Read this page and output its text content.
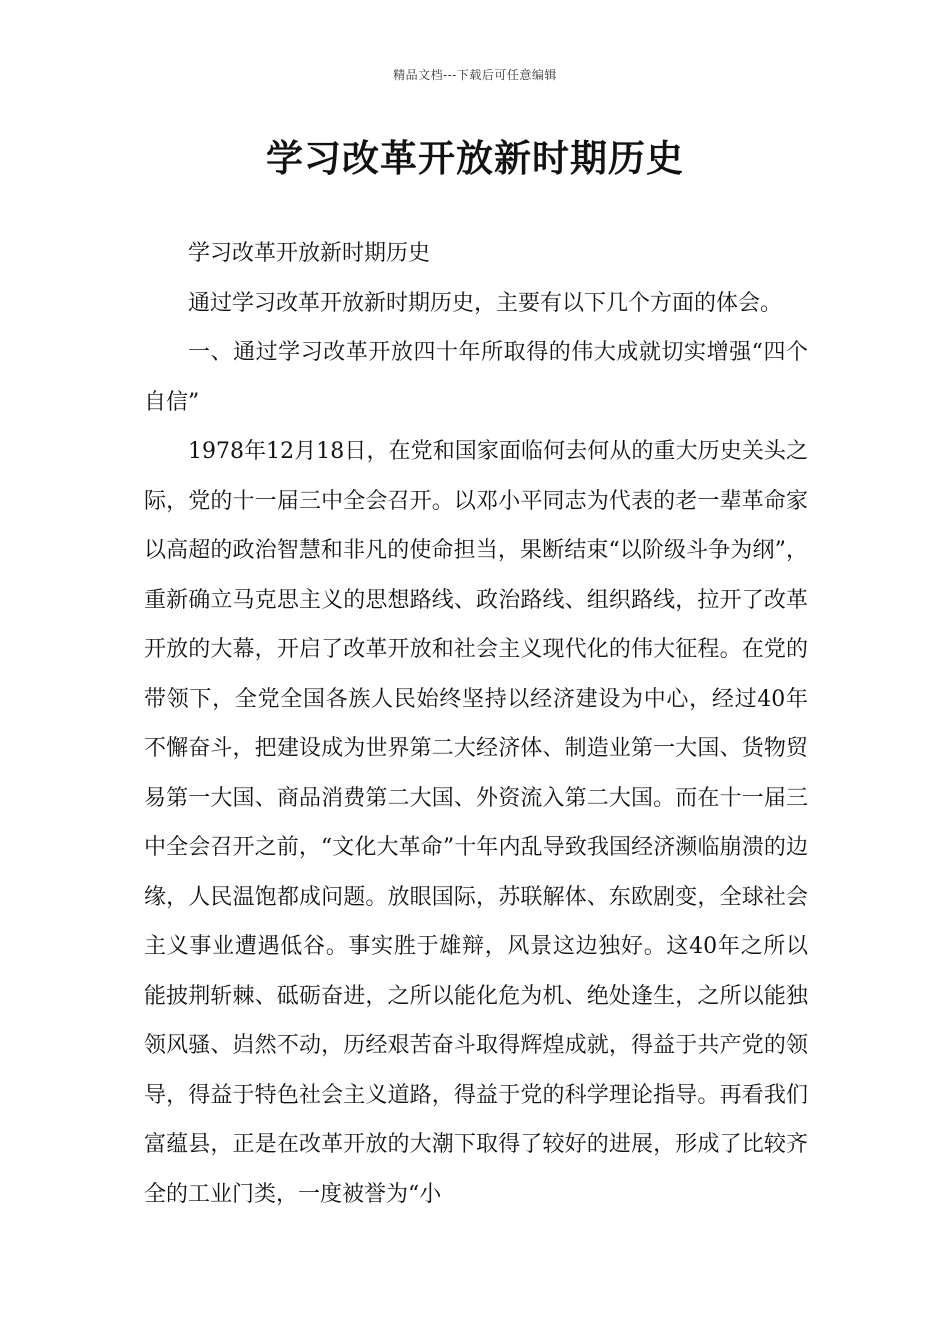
精品文档---下载后可任意编辑
学习改革开放新时期历史

学习改革开放新时期历史

通过学习改革开放新时期历史，主要有以下几个方面的体会。

一、通过学习改革开放四十年所取得的伟大成就切实增强“四个自信”

1978年12月18日，在党和国家面临何去何从的重大历史关头之际，党的十一届三中全会召开。以邓小平同志为代表的老一辈革命家以高超的政治智慧和非凡的使命担当，果断结束“以阶级斗争为纲”，重新确立马克思主义的思想路线、政治路线、组织路线，拉开了改革开放的大幕，开启了改革开放和社会主义现代化的伟大征程。在党的带领下，全党全国各族人民始终坚持以经济建设为中心，经过40年不懈奋斗，把建设成为世界第二大经济体、制造业第一大国、货物贸易第一大国、商品消费第二大国、外资流入第二大国。而在十一届三中全会召开之前，“文化大革命”十年内乱导致我国经济濒临崩溃的边缘，人民温饱都成问题。放眼国际，苏联解体、东欧剧变，全球社会主义事业遭遇低谷。事实胜于雄辩，风景这边独好。这40年之所以能披荆斩棘、砥砺奋进，之所以能化危为机、绝处逢生，之所以能独领风骚、岿然不动，历经艰苦奋斗取得辉煌成就，得益于共产党的领导，得益于特色社会主义道路，得益于党的科学理论指导。再看我们富蕴县，正是在改革开放的大潮下取得了较好的进展，形成了比较齐全的工业门类，一度被誉为“小
